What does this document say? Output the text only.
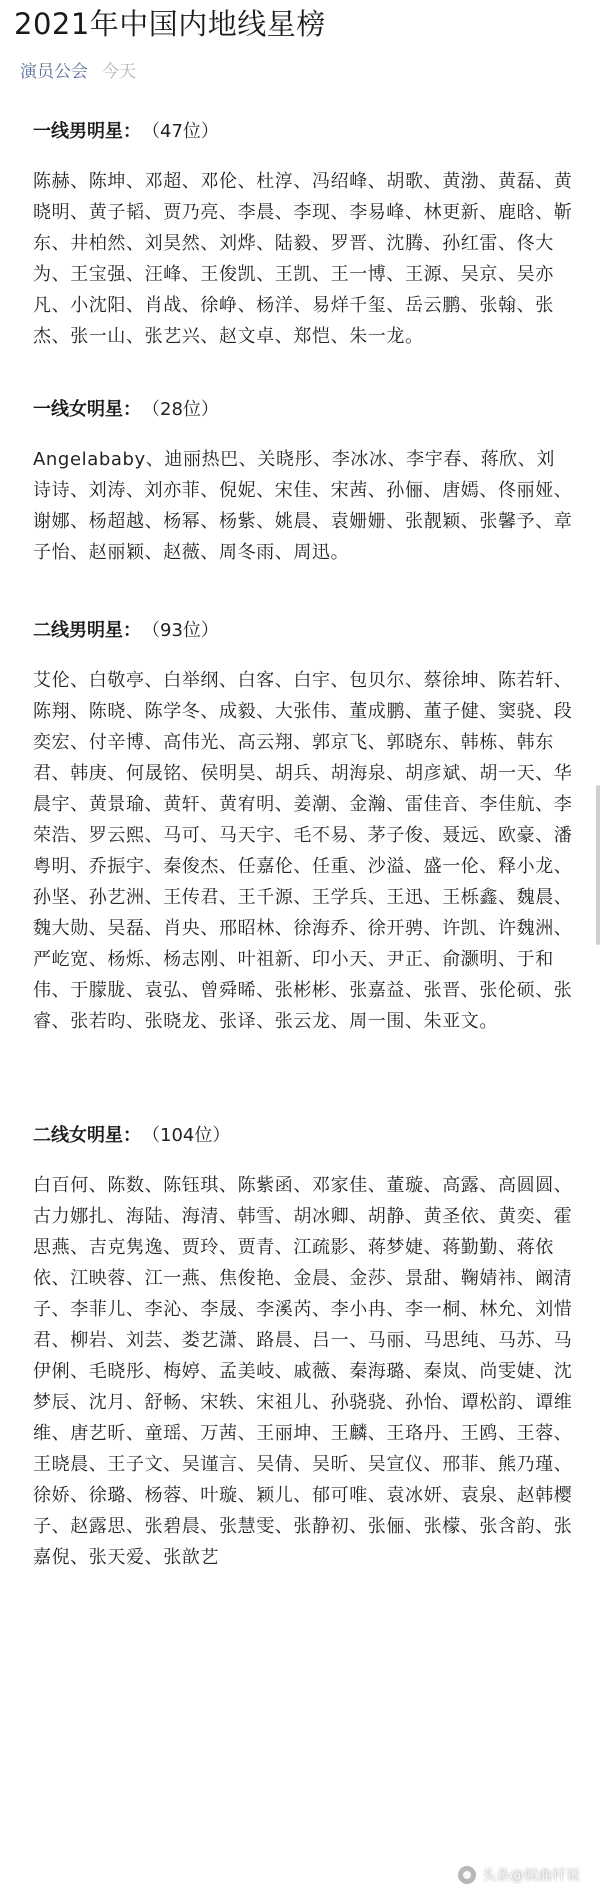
2021年中国内地线星榜
演员公会 今天

一线男明星： （47位）

陈赫、陈坤、邓超、邓伦、杜淳、冯绍峰、胡歌、黄渤、黄磊、黄晓明、黄子韬、贾乃亮、李晨、李现、李易峰、林更新、鹿晗、靳东、井柏然、刘昊然、刘烨、陆毅、罗晋、沈腾、孙红雷、佟大为、王宝强、汪峰、王俊凯、王凯、王一博、王源、吴京、吴亦凡、小沈阳、肖战、徐峥、杨洋、易烊千玺、岳云鹏、张翰、张杰、张一山、张艺兴、赵文卓、郑恺、朱一龙。

一线女明星： （28位）

Angelababy、迪丽热巴、关晓彤、李冰冰、李宇春、蒋欣、刘诗诗、刘涛、刘亦菲、倪妮、宋佳、宋茜、孙俪、唐嫣、佟丽娅、谢娜、杨超越、杨幂、杨紫、姚晨、袁姗姗、张靓颖、张馨予、章子怡、赵丽颖、赵薇、周冬雨、周迅。

二线男明星： （93位）

艾伦、白敬亭、白举纲、白客、白宇、包贝尔、蔡徐坤、陈若轩、陈翔、陈晓、陈学冬、成毅、大张伟、董成鹏、董子健、窦骁、段奕宏、付辛博、高伟光、高云翔、郭京飞、郭晓东、韩栋、韩东君、韩庚、何晟铭、侯明昊、胡兵、胡海泉、胡彦斌、胡一天、华晨宇、黄景瑜、黄轩、黄宥明、姜潮、金瀚、雷佳音、李佳航、李荣浩、罗云熙、马可、马天宇、毛不易、茅子俊、聂远、欧豪、潘粤明、乔振宇、秦俊杰、任嘉伦、任重、沙溢、盛一伦、释小龙、孙坚、孙艺洲、王传君、王千源、王学兵、王迅、王栎鑫、魏晨、魏大勋、吴磊、肖央、邢昭林、徐海乔、徐开骋、许凯、许魏洲、严屹宽、杨烁、杨志刚、叶祖新、印小天、尹正、俞灏明、于和伟、于朦胧、袁弘、曾舜晞、张彬彬、张嘉益、张晋、张伦硕、张睿、张若昀、张晓龙、张译、张云龙、周一围、朱亚文。

二线女明星： （104位）

白百何、陈数、陈钰琪、陈紫函、邓家佳、董璇、高露、高圆圆、古力娜扎、海陆、海清、韩雪、胡冰卿、胡静、黄圣依、黄奕、霍思燕、吉克隽逸、贾玲、贾青、江疏影、蒋梦婕、蒋勤勤、蒋依依、江映蓉、江一燕、焦俊艳、金晨、金莎、景甜、鞠婧祎、阚清子、李菲儿、李沁、李晟、李溪芮、李小冉、李一桐、林允、刘惜君、柳岩、刘芸、娄艺潇、路晨、吕一、马丽、马思纯、马苏、马伊俐、毛晓彤、梅婷、孟美岐、戚薇、秦海璐、秦岚、尚雯婕、沈梦辰、沈月、舒畅、宋轶、宋祖儿、孙骁骁、孙怡、谭松韵、谭维维、唐艺昕、童瑶、万茜、王丽坤、王麟、王珞丹、王鸥、王蓉、王晓晨、王子文、吴谨言、吴倩、吴昕、吴宣仪、邢菲、熊乃瑾、徐娇、徐璐、杨蓉、叶璇、颖儿、郁可唯、袁冰妍、袁泉、赵韩樱子、赵露思、张碧晨、张慧雯、张静初、张俪、张檬、张含韵、张嘉倪、张天爱、张歆艺
头条@娱曲杆说
